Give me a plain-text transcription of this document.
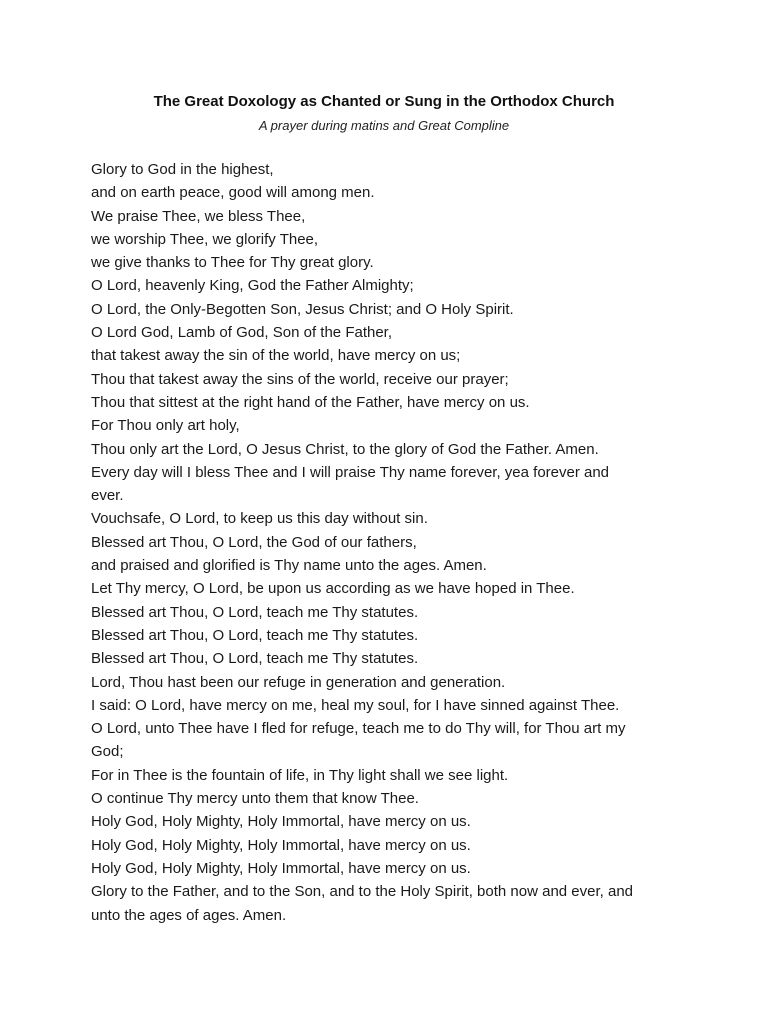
The Great Doxology as Chanted or Sung in the Orthodox Church
A prayer during matins and Great Compline
Glory to God in the highest,
and on earth peace, good will among men.
We praise Thee, we bless Thee,
we worship Thee, we glorify Thee,
we give thanks to Thee for Thy great glory.
O Lord, heavenly King, God the Father Almighty;
O Lord, the Only-Begotten Son, Jesus Christ; and O Holy Spirit.
O Lord God, Lamb of God, Son of the Father,
that takest away the sin of the world, have mercy on us;
Thou that takest away the sins of the world, receive our prayer;
Thou that sittest at the right hand of the Father, have mercy on us.
For Thou only art holy,
Thou only art the Lord, O Jesus Christ, to the glory of God the Father. Amen.
Every day will I bless Thee and I will praise Thy name forever, yea forever and
ever.
Vouchsafe, O Lord, to keep us this day without sin.
Blessed art Thou, O Lord, the God of our fathers,
and praised and glorified is Thy name unto the ages. Amen.
Let Thy mercy, O Lord, be upon us according as we have hoped in Thee.
Blessed art Thou, O Lord, teach me Thy statutes.
Blessed art Thou, O Lord, teach me Thy statutes.
Blessed art Thou, O Lord, teach me Thy statutes.
Lord, Thou hast been our refuge in generation and generation.
I said: O Lord, have mercy on me, heal my soul, for I have sinned against Thee.
O Lord, unto Thee have I fled for refuge, teach me to do Thy will, for Thou art my
God;
For in Thee is the fountain of life, in Thy light shall we see light.
O continue Thy mercy unto them that know Thee.
Holy God, Holy Mighty, Holy Immortal, have mercy on us.
Holy God, Holy Mighty, Holy Immortal, have mercy on us.
Holy God, Holy Mighty, Holy Immortal, have mercy on us.
Glory to the Father, and to the Son, and to the Holy Spirit, both now and ever, and
unto the ages of ages. Amen.
